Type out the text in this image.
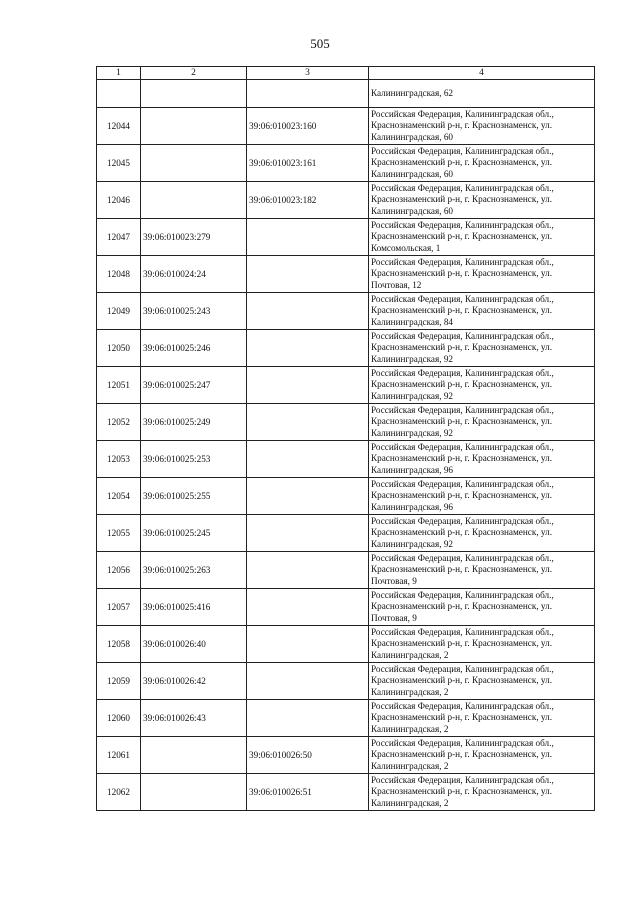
505
1	2	3	4
			Калининградская, 62
12044		39:06:010023:160	Российская Федерация, Калининградская обл.,
Краснознаменский р-н, г. Краснознаменск, ул.
Калининградская, 60
12045		39:06:010023:161	Российская Федерация, Калининградская обл.,
Краснознаменский р-н, г. Краснознаменск, ул.
Калининградская, 60
12046		39:06:010023:182	Российская Федерация, Калининградская обл.,
Краснознаменский р-н, г. Краснознаменск, ул.
Калининградская, 60
12047	39:06:010023:279		Российская Федерация, Калининградская обл.,
Краснознаменский р-н, г. Краснознаменск, ул.
Комсомольская, 1
12048	39:06:010024:24		Российская Федерация, Калининградская обл.,
Краснознаменский р-н, г. Краснознаменск, ул.
Почтовая, 12
12049	39:06:010025:243		Российская Федерация, Калининградская обл.,
Краснознаменский р-н, г. Краснознаменск, ул.
Калининградская, 84
12050	39:06:010025:246		Российская Федерация, Калининградская обл.,
Краснознаменский р-н, г. Краснознаменск, ул.
Калининградская, 92
12051	39:06:010025:247		Российская Федерация, Калининградская обл.,
Краснознаменский р-н, г. Краснознаменск, ул.
Калининградская, 92
12052	39:06:010025:249		Российская Федерация, Калининградская обл.,
Краснознаменский р-н, г. Краснознаменск, ул.
Калининградская, 92
12053	39:06:010025:253		Российская Федерация, Калининградская обл.,
Краснознаменский р-н, г. Краснознаменск, ул.
Калининградская, 96
12054	39:06:010025:255		Российская Федерация, Калининградская обл.,
Краснознаменский р-н, г. Краснознаменск, ул.
Калининградская, 96
12055	39:06:010025:245		Российская Федерация, Калининградская обл.,
Краснознаменский р-н, г. Краснознаменск, ул.
Калининградская, 92
12056	39:06:010025:263		Российская Федерация, Калининградская обл.,
Краснознаменский р-н, г. Краснознаменск, ул.
Почтовая, 9
12057	39:06:010025:416		Российская Федерация, Калининградская обл.,
Краснознаменский р-н, г. Краснознаменск, ул.
Почтовая, 9
12058	39:06:010026:40		Российская Федерация, Калининградская обл.,
Краснознаменский р-н, г. Краснознаменск, ул.
Калининградская, 2
12059	39:06:010026:42		Российская Федерация, Калининградская обл.,
Краснознаменский р-н, г. Краснознаменск, ул.
Калининградская, 2
12060	39:06:010026:43		Российская Федерация, Калининградская обл.,
Краснознаменский р-н, г. Краснознаменск, ул.
Калининградская, 2
12061		39:06:010026:50	Российская Федерация, Калининградская обл.,
Краснознаменский р-н, г. Краснознаменск, ул.
Калининградская, 2
12062		39:06:010026:51	Российская Федерация, Калининградская обл.,
Краснознаменский р-н, г. Краснознаменск, ул.
Калининградская, 2
